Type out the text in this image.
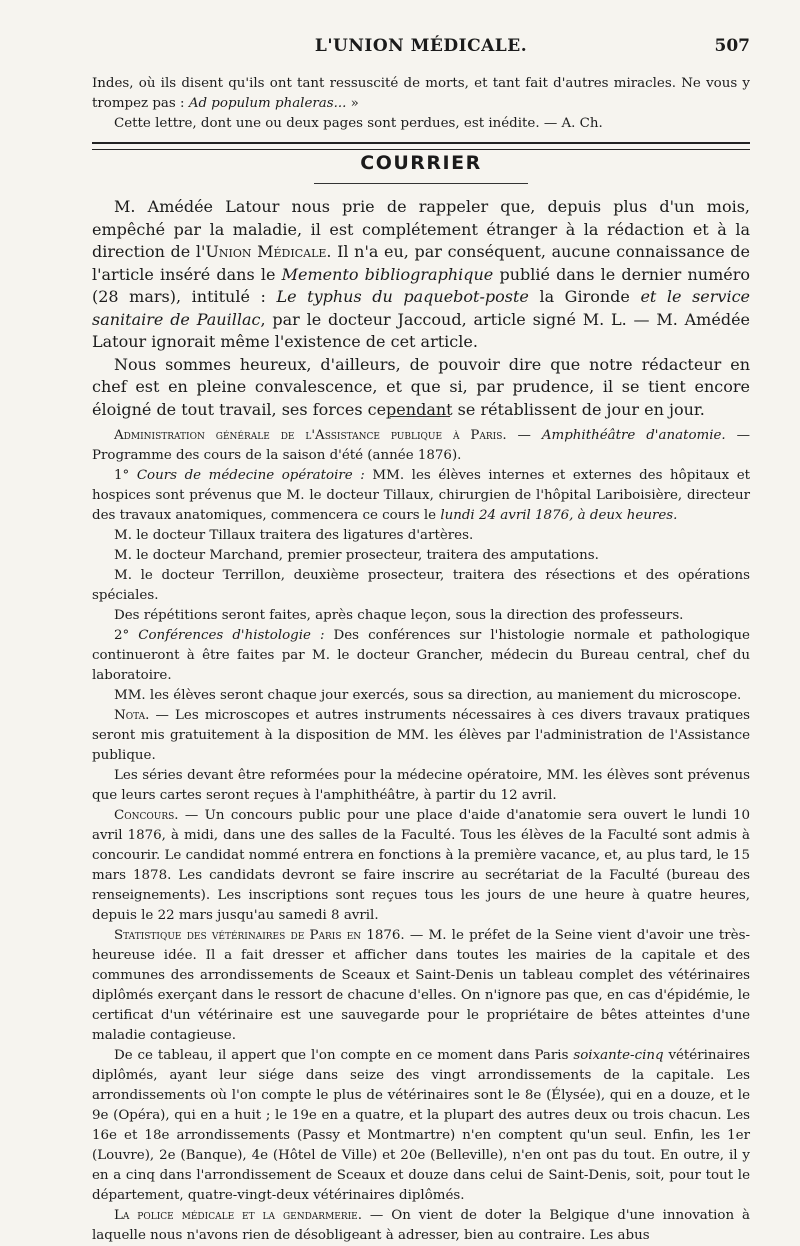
L'UNION MÉDICALE.	507

Indes, où ils disent qu'ils ont tant ressuscité de morts, et tant fait d'autres miracles. Ne vous y trompez pas : Ad populum phaleras... »

Cette lettre, dont une ou deux pages sont perdues, est inédite. — A. Ch.

COURRIER

M. Amédée Latour nous prie de rappeler que, depuis plus d'un mois, empêché par la maladie, il est complétement étranger à la rédaction et à la direction de l'Union Médicale. Il n'a eu, par conséquent, aucune connaissance de l'article inséré dans le Memento bibliographique publié dans le dernier numéro (28 mars), intitulé : Le typhus du paquebot-poste la Gironde et le service sanitaire de Pauillac, par le docteur Jaccoud, article signé M. L. — M. Amédée Latour ignorait même l'existence de cet article.

Nous sommes heureux, d'ailleurs, de pouvoir dire que notre rédacteur en chef est en pleine convalescence, et que si, par prudence, il se tient encore éloigné de tout travail, ses forces cependant se rétablissent de jour en jour.

Administration générale de l'Assistance publique à Paris. — Amphithéâtre d'anatomie. — Programme des cours de la saison d'été (année 1876).

1° Cours de médecine opératoire : MM. les élèves internes et externes des hôpitaux et hospices sont prévenus que M. le docteur Tillaux, chirurgien de l'hôpital Lariboisière, directeur des travaux anatomiques, commencera ce cours le lundi 24 avril 1876, à deux heures.

M. le docteur Tillaux traitera des ligatures d'artères.

M. le docteur Marchand, premier prosecteur, traitera des amputations.

M. le docteur Terrillon, deuxième prosecteur, traitera des résections et des opérations spéciales.

Des répétitions seront faites, après chaque leçon, sous la direction des professeurs.

2° Conférences d'histologie : Des conférences sur l'histologie normale et pathologique continueront à être faites par M. le docteur Grancher, médecin du Bureau central, chef du laboratoire.

MM. les élèves seront chaque jour exercés, sous sa direction, au maniement du microscope.

Nota. — Les microscopes et autres instruments nécessaires à ces divers travaux pratiques seront mis gratuitement à la disposition de MM. les élèves par l'administration de l'Assistance publique.

Les séries devant être reformées pour la médecine opératoire, MM. les élèves sont prévenus que leurs cartes seront reçues à l'amphithéâtre, à partir du 12 avril.

Concours. — Un concours public pour une place d'aide d'anatomie sera ouvert le lundi 10 avril 1876, à midi, dans une des salles de la Faculté. Tous les élèves de la Faculté sont admis à concourir. Le candidat nommé entrera en fonctions à la première vacance, et, au plus tard, le 15 mars 1878. Les candidats devront se faire inscrire au secrétariat de la Faculté (bureau des renseignements). Les inscriptions sont reçues tous les jours de une heure à quatre heures, depuis le 22 mars jusqu'au samedi 8 avril.

Statistique des vétérinaires de Paris en 1876. — M. le préfet de la Seine vient d'avoir une très-heureuse idée. Il a fait dresser et afficher dans toutes les mairies de la capitale et des communes des arrondissements de Sceaux et Saint-Denis un tableau complet des vétérinaires diplômés exerçant dans le ressort de chacune d'elles. On n'ignore pas que, en cas d'épidémie, le certificat d'un vétérinaire est une sauvegarde pour le propriétaire de bêtes atteintes d'une maladie contagieuse.

De ce tableau, il appert que l'on compte en ce moment dans Paris soixante-cinq vétérinaires diplômés, ayant leur siége dans seize des vingt arrondissements de la capitale. Les arrondissements où l'on compte le plus de vétérinaires sont le 8e (Élysée), qui en a douze, et le 9e (Opéra), qui en a huit ; le 19e en a quatre, et la plupart des autres deux ou trois chacun. Les 16e et 18e arrondissements (Passy et Montmartre) n'en comptent qu'un seul. Enfin, les 1er (Louvre), 2e (Banque), 4e (Hôtel de Ville) et 20e (Belleville), n'en ont pas du tout. En outre, il y en a cinq dans l'arrondissement de Sceaux et douze dans celui de Saint-Denis, soit, pour tout le département, quatre-vingt-deux vétérinaires diplômés.

La police médicale et la gendarmerie. — On vient de doter la Belgique d'une innovation à laquelle nous n'avons rien de désobligeant à adresser, bien au contraire. Les abus
